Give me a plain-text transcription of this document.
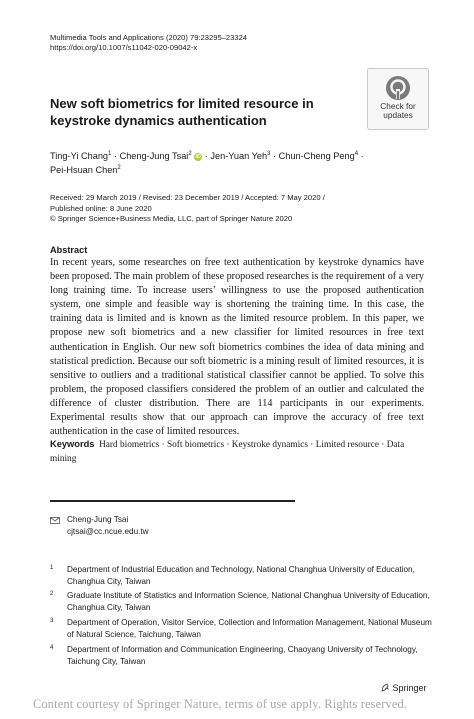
Multimedia Tools and Applications (2020) 79:23295–23324
https://doi.org/10.1007/s11042-020-09042-x
Check for
updates
New soft biometrics for limited resource in keystroke dynamics authentication
Ting-Yi Chang$^1$ · Cheng-Jung Tsai$^2$ iD · Jen-Yuan Yeh$^3$ · Chun-Cheng Peng$^4$ ·
Pei-Hsuan Chen$^2$
Received: 29 March 2019 / Revised: 23 December 2019 / Accepted: 7 May 2020 /
Published online: 8 June 2020
© Springer Science+Business Media, LLC, part of Springer Nature 2020
Abstract
In recent years, some researches on free text authentication by keystroke dynamics have been proposed. The main problem of these proposed researches is the requirement of a very long training time. To increase users’ willingness to use the proposed authentication system, one simple and feasible way is shortening the training time. In this case, the training data is limited and is known as the limited resource problem. In this paper, we propose new soft biometrics and a new classifier for limited resources in free text authentication in English. Our new soft biometrics combines the idea of data mining and statistical prediction. Because our soft biometric is a mining result of limited resources, it is sensitive to outliers and a traditional statistical classifier cannot be applied. To solve this problem, the proposed classifiers considered the problem of an outlier and calculated the difference of cluster distribution. There are 114 participants in our experiments. Experimental results show that our approach can improve the accuracy of free text authentication in the case of limited resources.
Keywords Hard biometrics · Soft biometrics · Keystroke dynamics · Limited resource · Data mining
Cheng-Jung Tsai
cjtsai@cc.ncue.edu.tw
1 Department of Industrial Education and Technology, National Changhua University of Education, Changhua City, Taiwan
2 Graduate Institute of Statistics and Information Science, National Changhua University of Education, Changhua City, Taiwan
3 Department of Operation, Visitor Service, Collection and Information Management, National Museum of Natural Science, Taichung, Taiwan
4 Department of Information and Communication Engineering, Chaoyang University of Technology, Taichung City, Taiwan
Springer
Content courtesy of Springer Nature, terms of use apply. Rights reserved.
